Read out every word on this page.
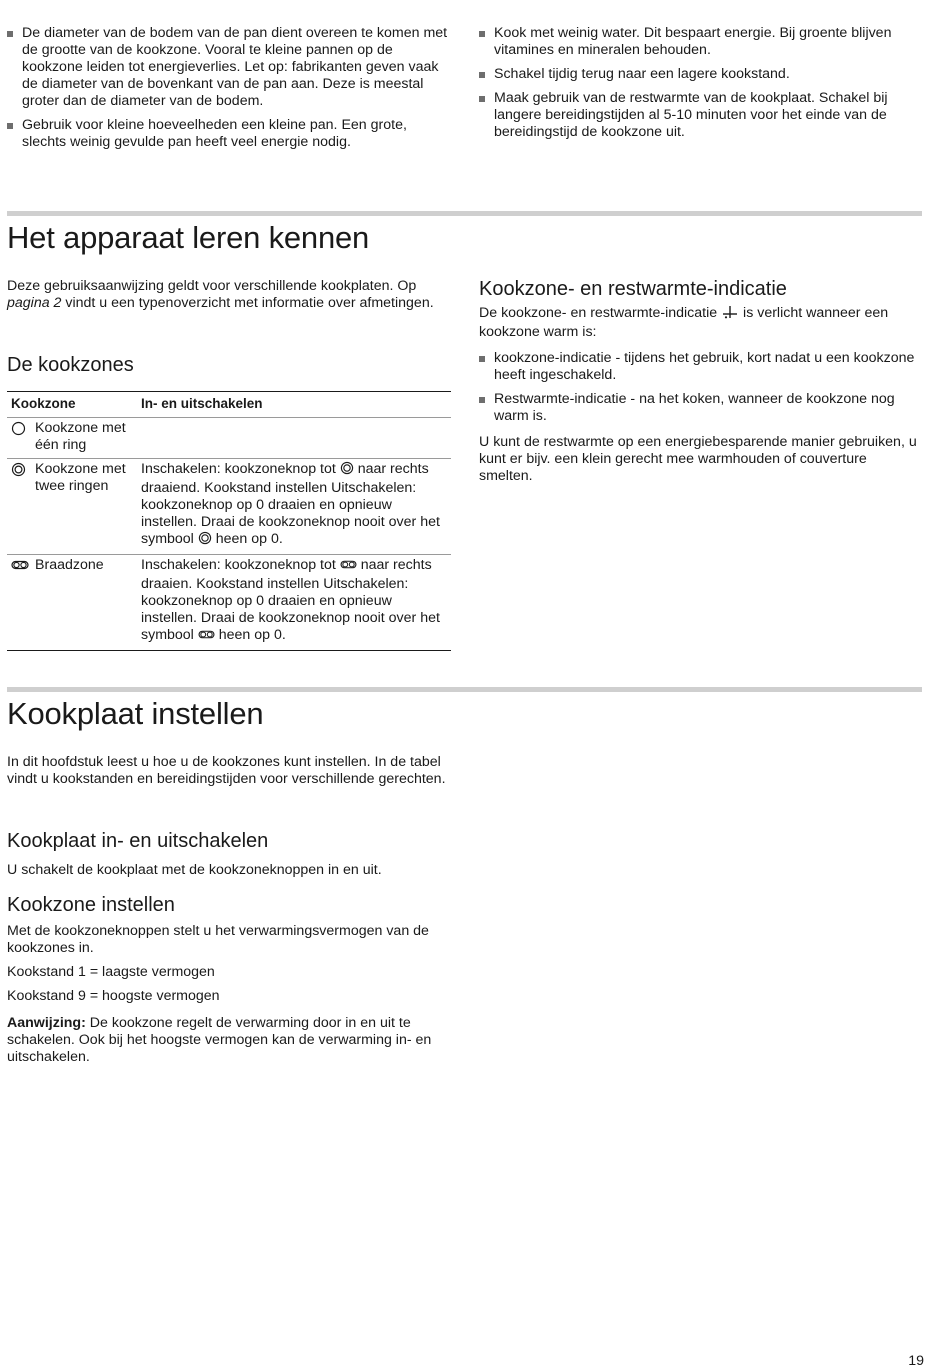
De diameter van de bodem van de pan dient overeen te komen met de grootte van de kookzone. Vooral te kleine pannen op de kookzone leiden tot energieverlies. Let op: fabrikanten geven vaak de diameter van de bovenkant van de pan aan. Deze is meestal groter dan de diameter van de bodem.
Gebruik voor kleine hoeveelheden een kleine pan. Een grote, slechts weinig gevulde pan heeft veel energie nodig.
Kook met weinig water. Dit bespaart energie. Bij groente blijven vitamines en mineralen behouden.
Schakel tijdig terug naar een lagere kookstand.
Maak gebruik van de restwarmte van de kookplaat. Schakel bij langere bereidingstijden al 5-10 minuten voor het einde van de bereidingstijd de kookzone uit.
Het apparaat leren kennen

Deze gebruiksaanwijzing geldt voor verschillende kookplaten. Op pagina 2 vindt u een typenoverzicht met informatie over afmetingen.

De kookzones
Kookzone	In- en uitschakelen

Kookzone met één ring	

Kookzone met twee ringen	Inschakelen: kookzoneknop tot  naar rechts draaiend. Kookstand instellen Uitschakelen: kookzoneknop op 0 draaien en opnieuw instellen. Draai de kookzoneknop nooit over het symbool  heen op 0.

Braadzone	Inschakelen: kookzoneknop tot  naar rechts draaien. Kookstand instellen Uitschakelen: kookzoneknop op 0 draaien en opnieuw instellen. Draai de kookzoneknop nooit over het symbool  heen op 0.
Kookzone- en restwarmte-indicatie

De kookzone- en restwarmte-indicatie  is verlicht wanneer een kookzone warm is:

kookzone-indicatie - tijdens het gebruik, kort nadat u een kookzone heeft ingeschakeld.
Restwarmte-indicatie - na het koken, wanneer de kookzone nog warm is.

U kunt de restwarmte op een energiebesparende manier gebruiken, u kunt er bijv. een klein gerecht mee warmhouden of couverture smelten.

Kookplaat instellen

In dit hoofdstuk leest u hoe u de kookzones kunt instellen. In de tabel vindt u kookstanden en bereidingstijden voor verschillende gerechten.

Kookplaat in- en uitschakelen

U schakelt de kookplaat met de kookzoneknoppen in en uit.

Kookzone instellen

Met de kookzoneknoppen stelt u het verwarmingsvermogen van de kookzones in.

Kookstand 1 = laagste vermogen

Kookstand 9 = hoogste vermogen

Aanwijzing: De kookzone regelt de verwarming door in en uit te schakelen. Ook bij het hoogste vermogen kan de verwarming in- en uitschakelen.

19
